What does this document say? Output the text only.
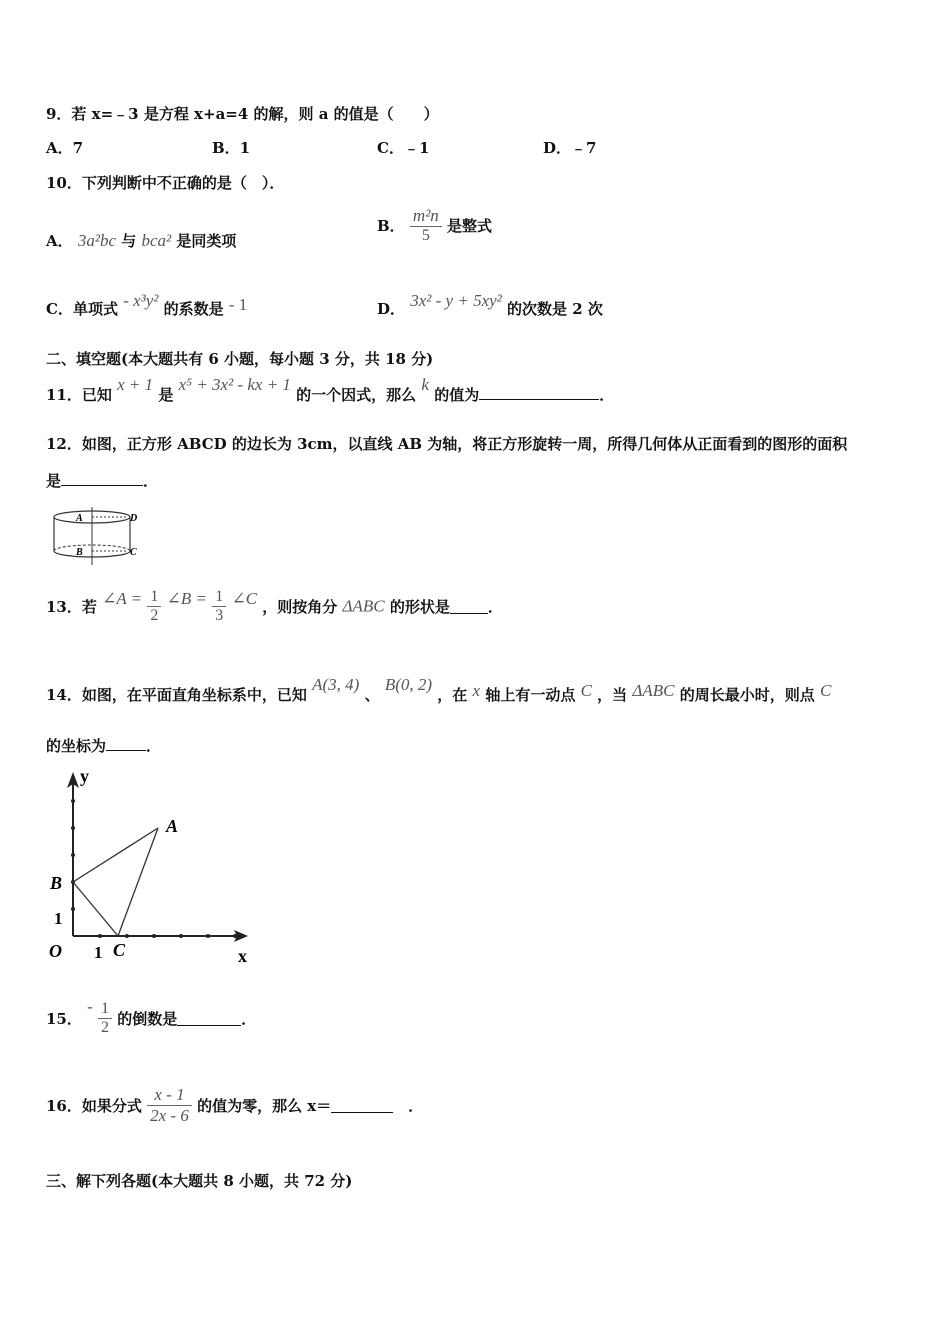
9．若 x=﹣3 是方程 x+a=4 的解，则 a 的值是（　　）
A．7	B．1	C．﹣1	D．﹣7
10．下列判断中不正确的是（　）．
A． 3a²bc 与 bca² 是同类项
B． $\frac{\text{m²n}}{5}$ 是整式
C．单项式 - x³y² 的系数是 - 1	D． 3x² - y + 5xy² 的次数是 2 次
二、填空题(本大题共有 6 小题，每小题 3 分，共 18 分)
11．已知 x + 1 是 x⁵ + 3x² - kx + 1 的一个因式，那么 k 的值为	．
12．如图，正方形 ABCD 的边长为 3cm，以直线 AB 为轴，将正方形旋转一周，所得几何体从正面看到的图形的面积
是	．
A
B
D
C
13．若 ∠A = $\frac{1}{2}$ ∠B = $\frac{1}{3}$ ∠C ，则按角分 ΔABC 的形状是	．
14．如图，在平面直角坐标系中，已知 A(3, 4) 、 B(0, 2) ，在 x 轴上有一动点 C ，当 ΔABC 的周长最小时，则点 C
的坐标为	．
y
x
A
B
C
O 1
1
15． - $\frac{1}{2}$ 的倒数是	．
16．如果分式 $\frac{x - 1}{2x - 6}$ 的值为零，那么 x＝	　．
三、解下列各题(本大题共 8 小题，共 72 分)
